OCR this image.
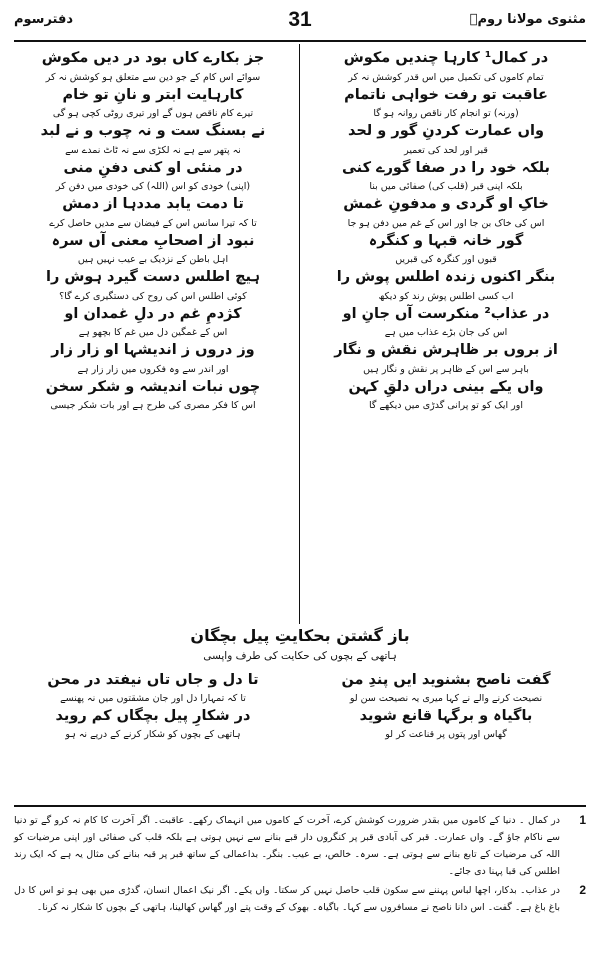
مثنوی مولانا رومؒ
31
دفترسوم
در کمال¹ کارہا چندیں مکوش
تمام کاموں کی تکمیل میں اس قدر کوشش نہ کر
عاقبت تو رفت خواہی ناتمام
(ورنہ) تو انجام کار ناقص روانہ ہو گا
واں عمارت کردنِ گور و لحد
قبر اور لحد کی تعمیر
بلکہ خود را در صفا گورے کنی
بلکہ اپنی قبر (قلب کی) صفائی میں بنا
خاکِ او گردی و مدفونِ غمش
اس کی خاک بن جا اور اس کے غم میں دفن ہو جا
گور خانہ قبہا و کنگرہ
قبوں اور کنگرہ کی قبریں
بنگر اکنوں زندہ اطلس پوش را
اب کسی اطلس پوش رند کو دیکھ
در عذاب² منکرست آں جانِ او
اس کی جان بڑے عذاب میں ہے
از بروں بر ظاہرش نقش و نگار
باہر سے اس کے ظاہر پر نقش و نگار ہیں
واں یکے بینی دراں دلقِ کہن
اور ایک کو تو پرانی گدڑی میں دیکھے گا
جز بکارے کاں بود در دیں مکوش
سوائے اس کام کے جو دین سے متعلق ہو کوشش نہ کر
کارہایت ابتر و نانِ تو خام
تیرے کام ناقص ہوں گے اور تیری روٹی کچی ہو گی
نے بسنگ ست و نہ چوب و نے لبد
نہ پتھر سے ہے نہ لکڑی سے نہ ٹاٹ نمدے سے
در منئی او کنی دفنِ منی
(اپنی) خودی کو اس (اللہ) کی خودی میں دفن کر
تا دمت یابد مددہا از دمش
تا کہ تیرا سانس اس کے فیضان سے مدیں حاصل کرے
نبود از اصحابِ معنی آں سرہ
اہل باطن کے نزدیک بے عیب نہیں ہیں
ہیچ اطلس دست گیرد ہوش را
کوئی اطلس اس کی روح کی دستگیری کرے گا؟
کژدمِ غم در دلِ غمدان او
اس کے غمگین دل میں غم کا بچھو ہے
وز دروں ز اندیشہا او زار زار
اور اندر سے وہ فکروں میں زار زار ہے
چوں نبات اندیشہ و شکر سخن
اس کا فکر مصری کی طرح ہے اور بات شکر جیسی
باز گشتن بحکایتِ پیل بچگان
ہاتھی کے بچوں کی حکایت کی طرف واپسی
گفت ناصح بشنوید ایں پندِ من
نصیحت کرنے والے نے کہا میری یہ نصیحت سن لو
باگیاہ و برگہا قانع شوید
گھاس اور پتوں پر قناعت کر لو
تا دل و جاں تاں نیفتد در محن
تا کہ تمہارا دل اور جان مشقتوں میں نہ پھنسے
در شکارِ پیل بچگاں کم روید
ہاتھی کے بچوں کو شکار کرنے کے درپے نہ ہو
1
در کمال ۔ دنیا کے کاموں میں بقدر ضرورت کوشش کرے، آخرت کے کاموں میں انہماک رکھے۔ عاقبت۔ اگر آخرت کا کام نہ کرو گے تو دنیا سے ناکام جاؤ گے۔ واں عمارت۔ قبر کی آبادی قبر پر کنگروں دار قبے بنانے سے نہیں ہوتی ہے بلکہ قلب کی صفائی اور اپنی مرضیات کو اللہ کی مرضیات کے تابع بنانے سے ہوتی ہے۔ سرہ۔ خالص، بے عیب۔ بنگر۔ بداعمالی کے ساتھ قبر پر قبہ بنانے کی مثال یہ ہے کہ ایک رند اطلس کی قبا پہنا دی جائے۔
2
در عذاب۔ بدکار، اچھا لباس پہننے سے سکون قلب حاصل نہیں کر سکتا۔ واں یکے۔ اگر نیک اعمال انسان، گدڑی میں بھی ہو تو اس کا دل باغ باغ ہے۔ گفت۔ اس دانا ناصح نے مسافروں سے کہا۔ باگیاہ۔ بھوک کے وقت پتے اور گھاس کھالینا، ہاتھی کے بچوں کا شکار نہ کرنا۔
